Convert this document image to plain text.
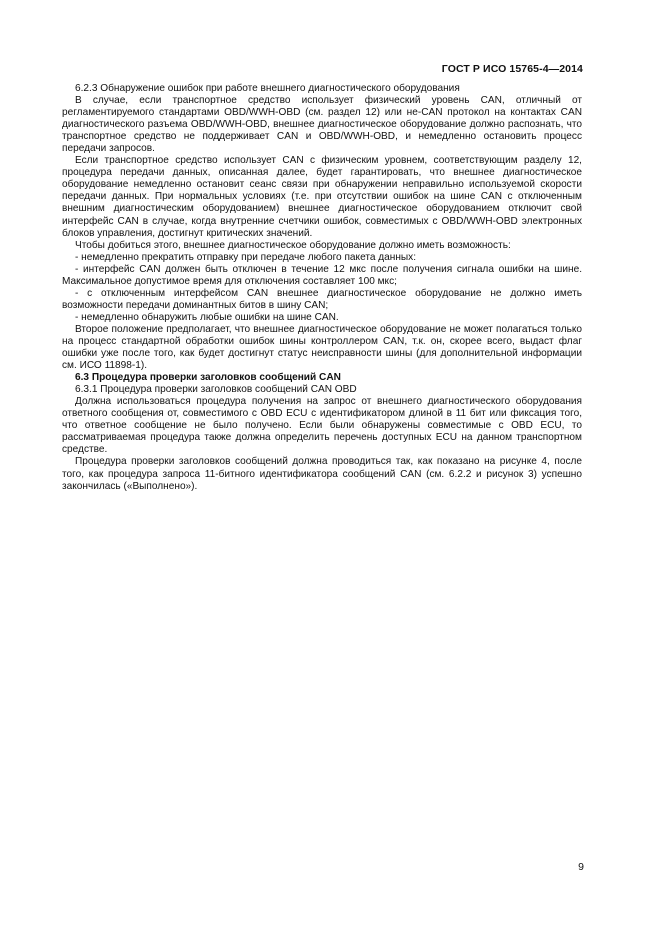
ГОСТ Р ИСО 15765-4—2014

6.2.3 Обнаружение ошибок при работе внешнего диагностического оборудования

В случае, если транспортное средство использует физический уровень CAN, отличный от регламентируемого стандартами OBD/WWH-OBD (см. раздел 12) или не-CAN протокол на контактах CAN диагностического разъема OBD/WWH-OBD, внешнее диагностическое оборудование должно распознать, что транспортное средство не поддерживает CAN и OBD/WWH-OBD, и немедленно остановить процесс передачи запросов.

Если транспортное средство использует CAN с физическим уровнем, соответствующим разделу 12, процедура передачи данных, описанная далее, будет гарантировать, что внешнее диагностическое оборудование немедленно остановит сеанс связи при обнаружении неправильно используемой скорости передачи данных. При нормальных условиях (т.е. при отсутствии ошибок на шине CAN с отключенным внешним диагностическим оборудованием) внешнее диагностическое оборудованием отключит свой интерфейс CAN в случае, когда внутренние счетчики ошибок, совместимых с OBD/WWH-OBD электронных блоков управления, достигнут критических значений.

Чтобы добиться этого, внешнее диагностическое оборудование должно иметь возможность:

- немедленно прекратить отправку при передаче любого пакета данных:

- интерфейс CAN должен быть отключен в течение 12 мкс после получения сигнала ошибки на шине. Максимальное допустимое время для отключения составляет 100 мкс;

- с отключенным интерфейсом CAN внешнее диагностическое оборудование не должно иметь возможности передачи доминантных битов в шину CAN;

- немедленно обнаружить любые ошибки на шине CAN.

Второе положение предполагает, что внешнее диагностическое оборудование не может полагаться только на процесс стандартной обработки ошибок шины контроллером CAN, т.к. он, скорее всего, выдаст флаг ошибки уже после того, как будет достигнут статус неисправности шины (для дополнительной информации см. ИСО 11898-1).

6.3 Процедура проверки заголовков сообщений CAN

6.3.1 Процедура проверки заголовков сообщений CAN OBD

Должна использоваться процедура получения на запрос от внешнего диагностического оборудования ответного сообщения от, совместимого с OBD ECU с идентификатором длиной в 11 бит или фиксация того, что ответное сообщение не было получено. Если были обнаружены совместимые с OBD ECU, то рассматриваемая процедура также должна определить перечень доступных ECU на данном транспортном средстве.

Процедура проверки заголовков сообщений должна проводиться так, как показано на рисунке 4, после того, как процедура запроса 11-битного идентификатора сообщений CAN (см. 6.2.2 и рисунок 3) успешно закончилась («Выполнено»).

9
